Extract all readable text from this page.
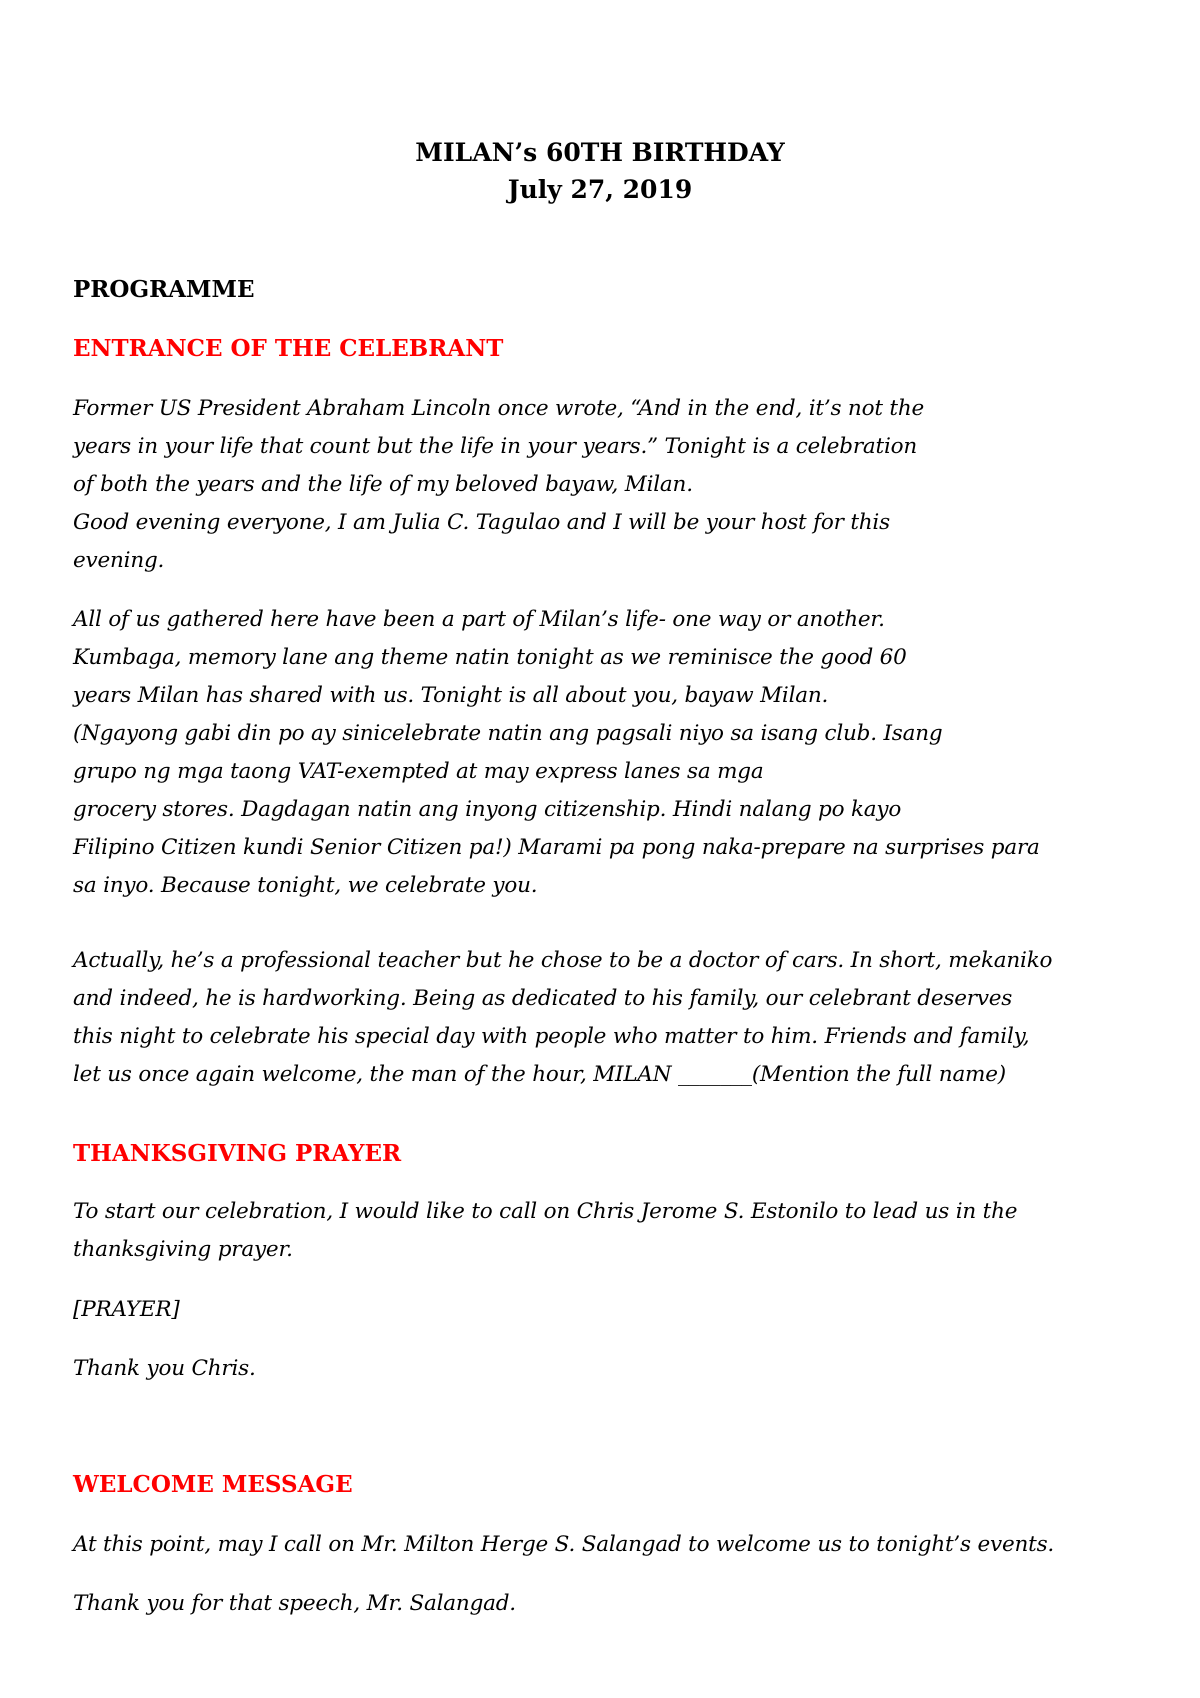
MILAN’s 60TH BIRTHDAY
July 27, 2019
PROGRAMME
ENTRANCE OF THE CELEBRANT
Former US President Abraham Lincoln once wrote, “And in the end, it’s not the
years in your life that count but the life in your years.” Tonight is a celebration
of both the years and the life of my beloved bayaw, Milan.
Good evening everyone, I am Julia C. Tagulao and I will be your host for this
evening.
All of us gathered here have been a part of Milan’s life- one way or another.
Kumbaga, memory lane ang theme natin tonight as we reminisce the good 60
years Milan has shared with us. Tonight is all about you, bayaw Milan.
(Ngayong gabi din po ay sinicelebrate natin ang pagsali niyo sa isang club. Isang
grupo ng mga taong VAT-exempted at may express lanes sa mga
grocery stores. Dagdagan natin ang inyong citizenship. Hindi nalang po kayo
Filipino Citizen kundi Senior Citizen pa!) Marami pa pong naka-prepare na surprises para
sa inyo. Because tonight, we celebrate you.
Actually, he’s a professional teacher but he chose to be a doctor of cars. In short, mekaniko
and indeed, he is hardworking. Being as dedicated to his family, our celebrant deserves
this night to celebrate his special day with people who matter to him. Friends and family,
let us once again welcome, the man of the hour, MILAN _______(Mention the full name)
THANKSGIVING PRAYER
To start our celebration, I would like to call on Chris Jerome S. Estonilo to lead us in the
thanksgiving prayer.
[PRAYER]
Thank you Chris.
WELCOME MESSAGE
At this point, may I call on Mr. Milton Herge S. Salangad to welcome us to tonight’s events.
Thank you for that speech, Mr. Salangad.
